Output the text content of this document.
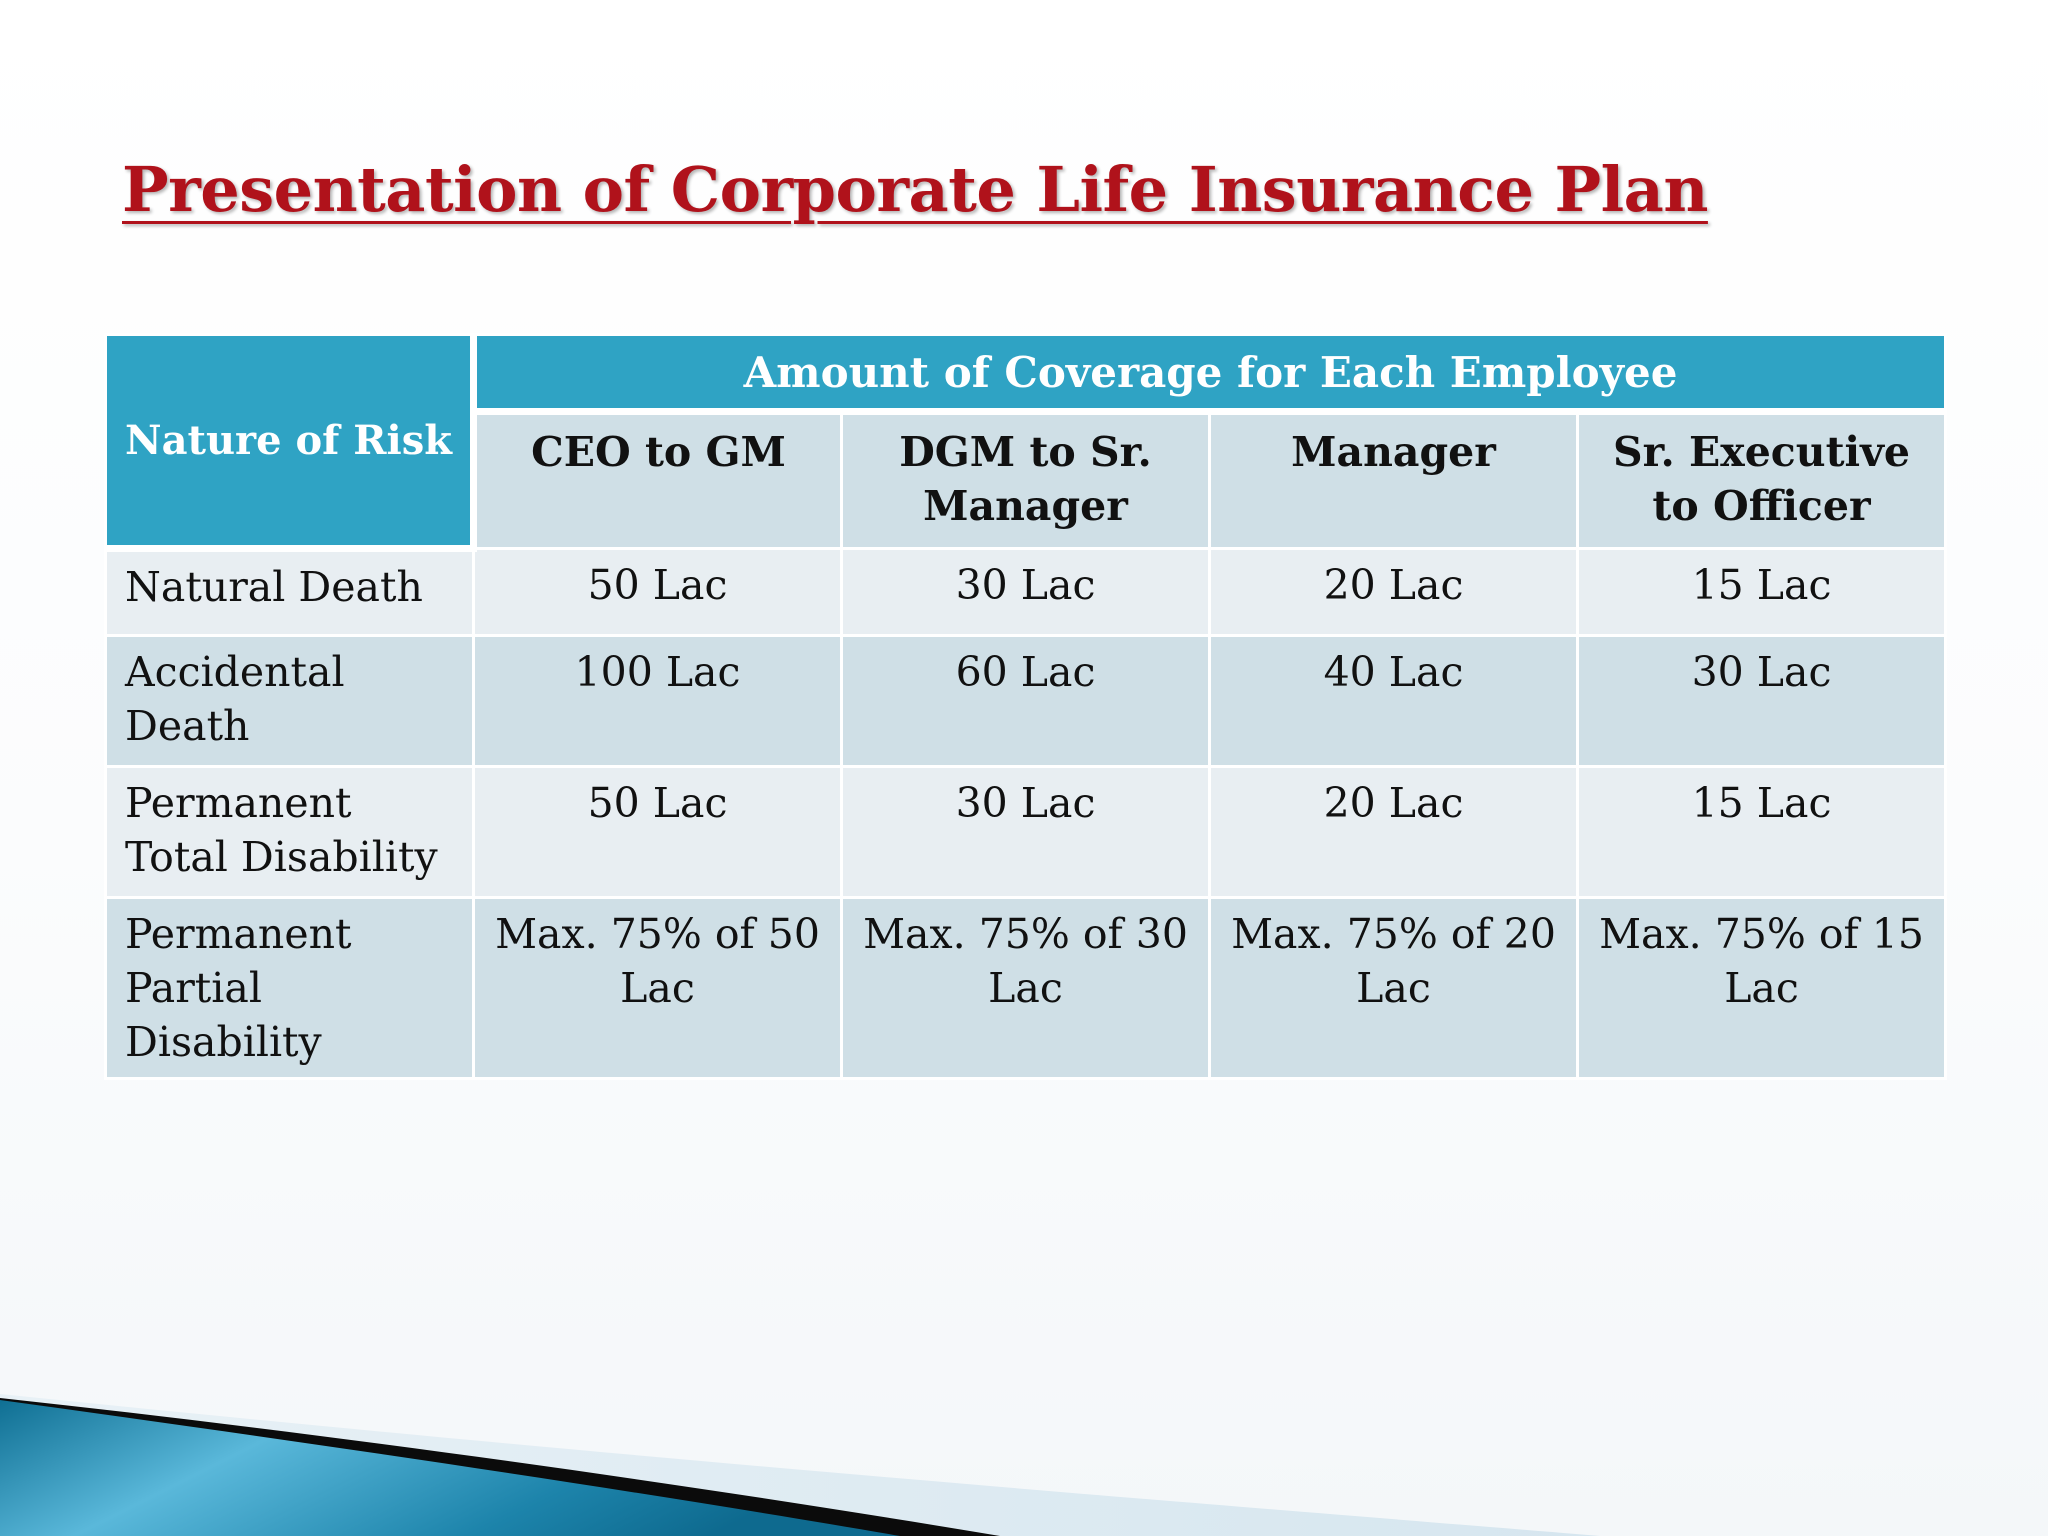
Presentation of Corporate Life Insurance Plan
Nature of Risk	Amount of Coverage for Each Employee			
	CEO to GM	DGM to Sr. Manager	Manager	Sr. Executive to Officer
Natural Death	50 Lac	30 Lac	20 Lac	15 Lac
Accidental Death	100 Lac	60 Lac	40 Lac	30 Lac
Permanent Total Disability	50 Lac	30 Lac	20 Lac	15 Lac
Permanent Partial Disability	Max. 75% of 50 Lac	Max. 75% of 30 Lac	Max. 75% of 20 Lac	Max. 75% of 15 Lac
